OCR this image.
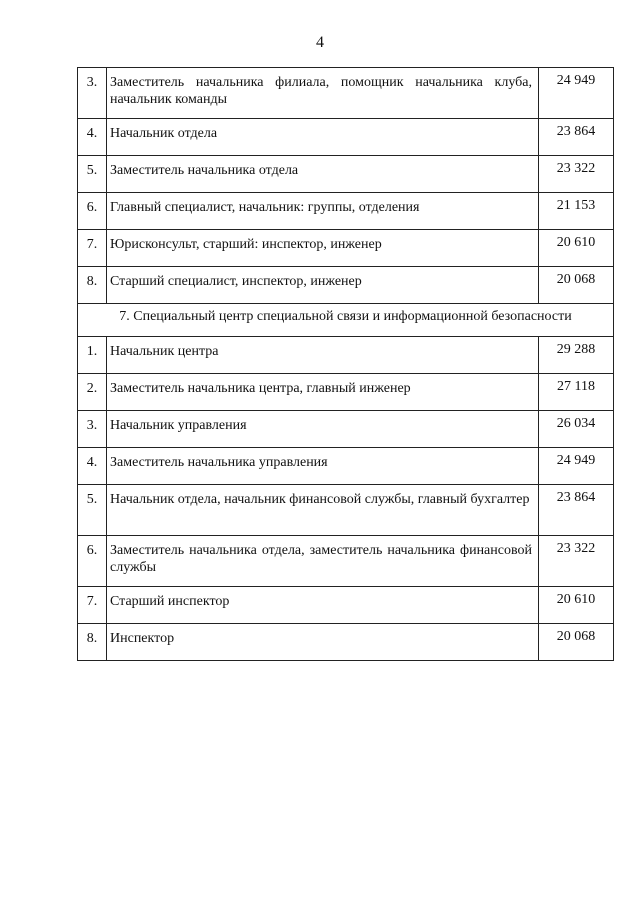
4
3.	Заместитель начальника филиала, помощник начальника клуба, начальник команды	24 949
4.	Начальник отдела	23 864
5.	Заместитель начальника отдела	23 322
6.	Главный специалист, начальник: группы, отделения	21 153
7.	Юрисконсульт, старший: инспектор, инженер	20 610
8.	Старший специалист, инспектор, инженер	20 068
7. Специальный центр специальной связи и информационной безопасности		
1.	Начальник центра	29 288
2.	Заместитель начальника центра, главный инженер	27 118
3.	Начальник управления	26 034
4.	Заместитель начальника управления	24 949
5.	Начальник отдела, начальник финансовой службы, главный бухгалтер	23 864
6.	Заместитель начальника отдела, заместитель начальника финансовой службы	23 322
7.	Старший инспектор	20 610
8.	Инспектор	20 068
